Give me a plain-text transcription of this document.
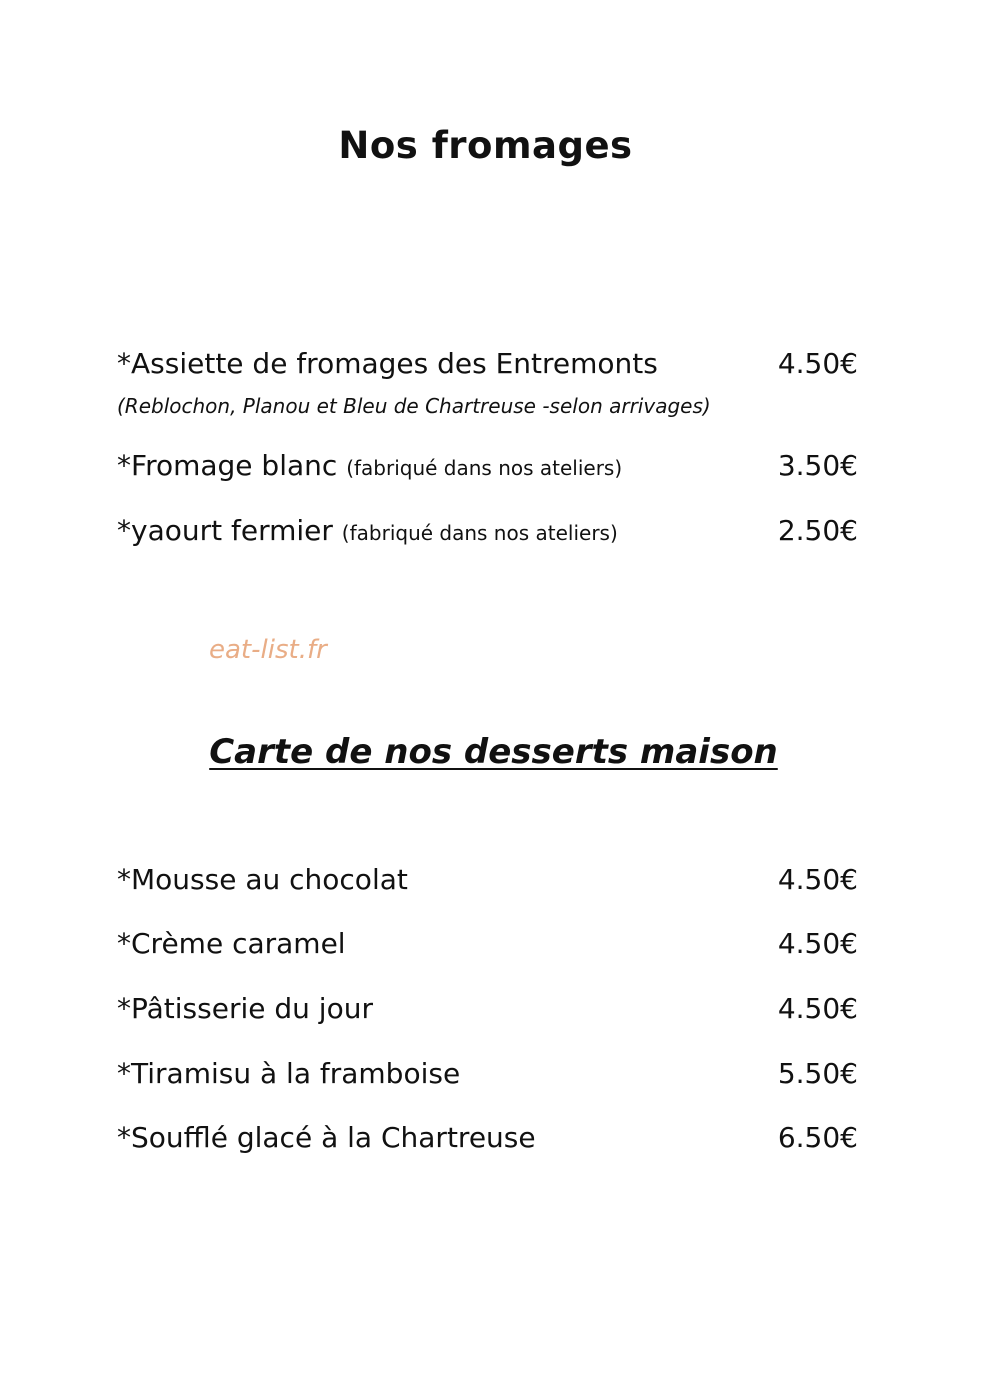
Nos fromages
*Assiette de fromages des Entremonts	4.50€
(Reblochon, Planou et Bleu de Chartreuse -selon arrivages)
*Fromage blanc (fabriqué dans nos ateliers)	3.50€
*yaourt fermier (fabriqué dans nos ateliers)	2.50€
eat-list.fr
Carte de nos desserts maison
*Mousse au chocolat	4.50€
*Crème caramel	4.50€
*Pâtisserie du jour	4.50€
*Tiramisu à la framboise	5.50€
*Soufflé glacé à la Chartreuse	6.50€
